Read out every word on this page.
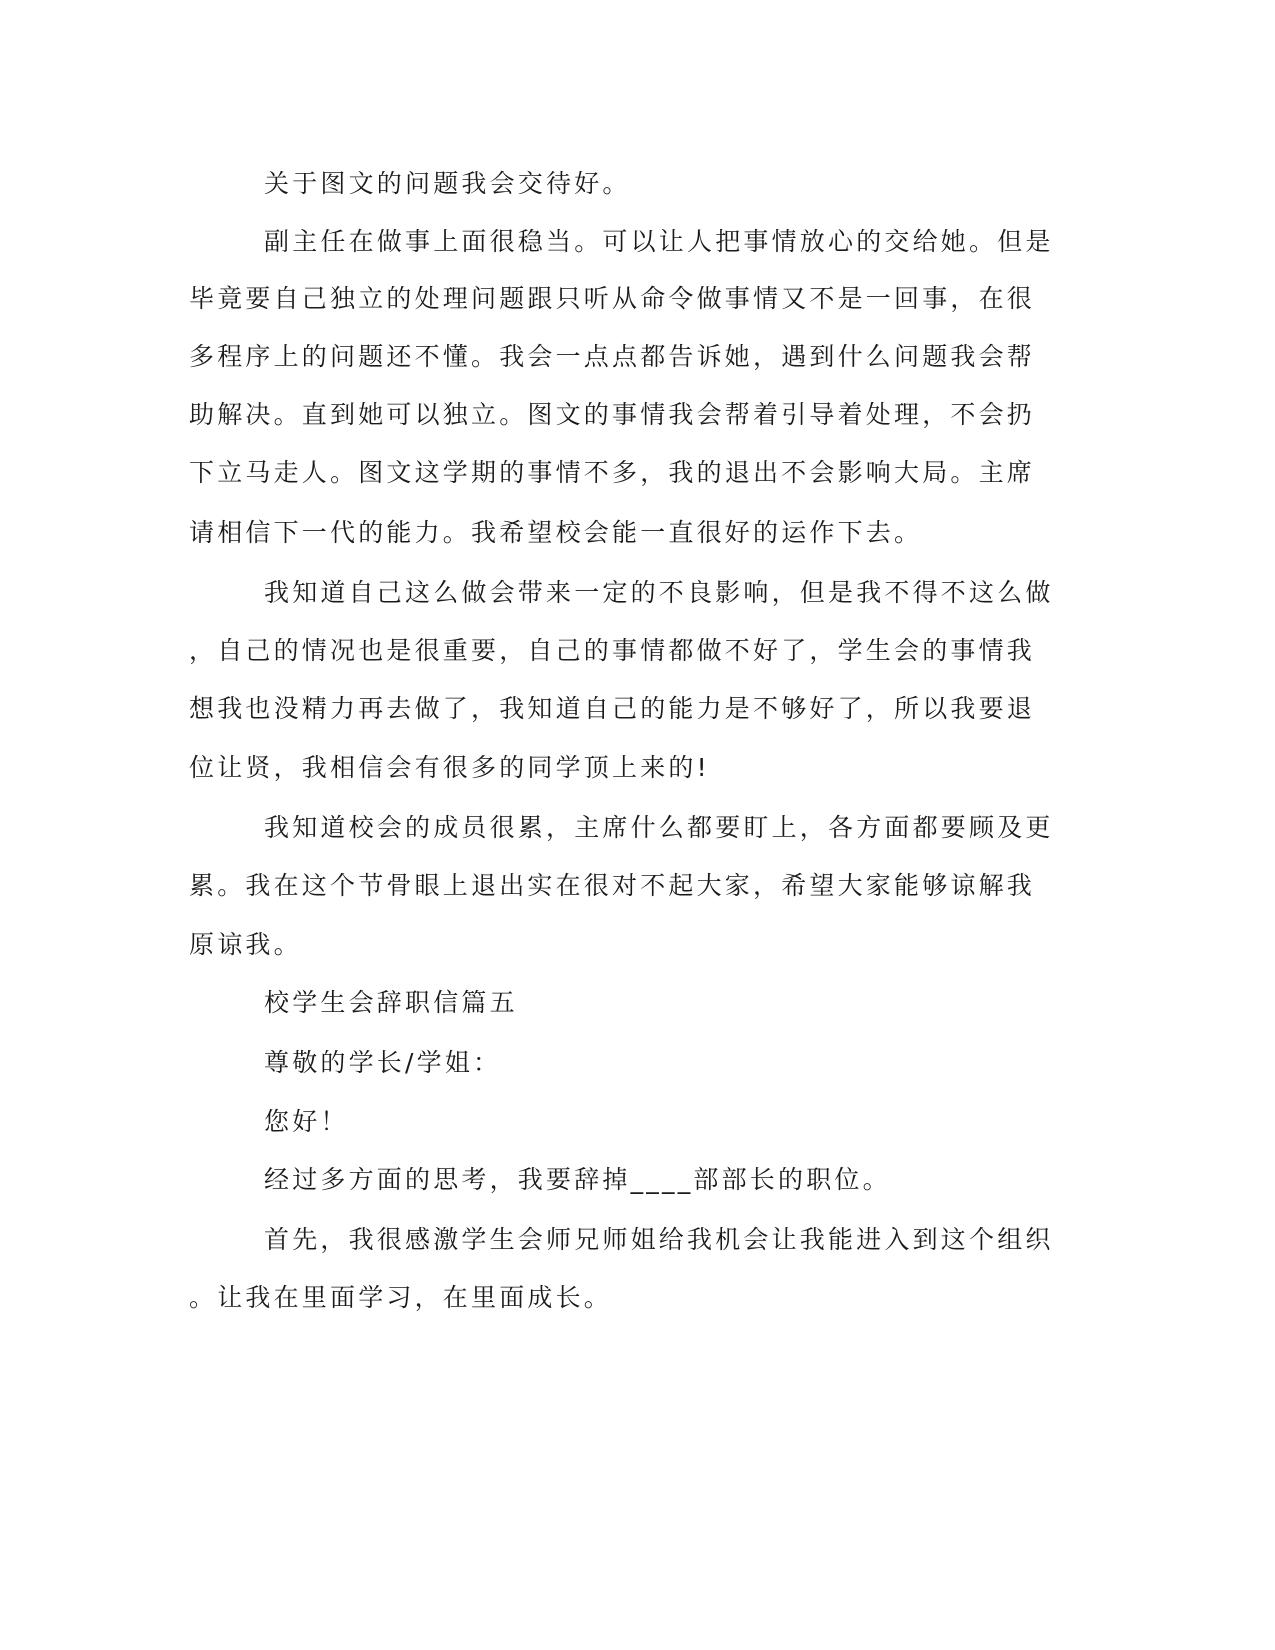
关于图文的问题我会交待好。
副主任在做事上面很稳当。可以让人把事情放心的交给她。但是
毕竟要自己独立的处理问题跟只听从命令做事情又不是一回事，在很
多程序上的问题还不懂。我会一点点都告诉她，遇到什么问题我会帮
助解决。直到她可以独立。图文的事情我会帮着引导着处理，不会扔
下立马走人。图文这学期的事情不多，我的退出不会影响大局。主席
请相信下一代的能力。我希望校会能一直很好的运作下去。
我知道自己这么做会带来一定的不良影响，但是我不得不这么做
，自己的情况也是很重要，自己的事情都做不好了，学生会的事情我
想我也没精力再去做了，我知道自己的能力是不够好了，所以我要退
位让贤，我相信会有很多的同学顶上来的!
我知道校会的成员很累，主席什么都要盯上，各方面都要顾及更
累。我在这个节骨眼上退出实在很对不起大家，希望大家能够谅解我
原谅我。
校学生会辞职信篇五
尊敬的学长/学姐：
您好！
经过多方面的思考，我要辞掉____部部长的职位。
首先，我很感激学生会师兄师姐给我机会让我能进入到这个组织
。让我在里面学习，在里面成长。
